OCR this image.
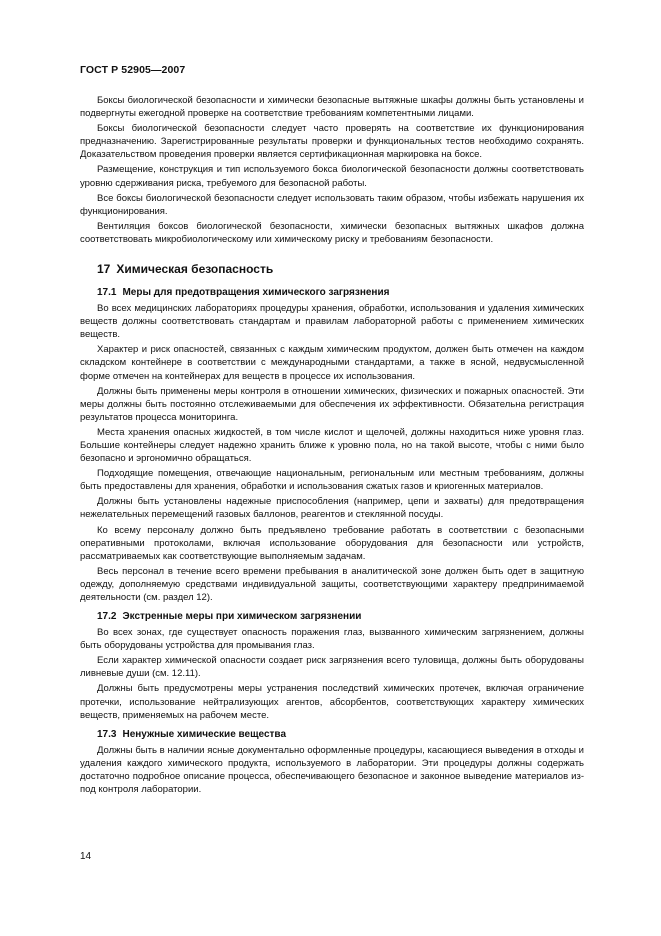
ГОСТ Р 52905—2007

Боксы биологической безопасности и химически безопасные вытяжные шкафы должны быть установлены и подвергнуты ежегодной проверке на соответствие требованиям компетентными лицами.

Боксы биологической безопасности следует часто проверять на соответствие их функционирования предназначению. Зарегистрированные результаты проверки и функциональных тестов необходимо сохранять. Доказательством проведения проверки является сертификационная маркировка на боксе.

Размещение, конструкция и тип используемого бокса биологической безопасности должны соответствовать уровню сдерживания риска, требуемого для безопасной работы.

Все боксы биологической безопасности следует использовать таким образом, чтобы избежать нарушения их функционирования.

Вентиляция боксов биологической безопасности, химически безопасных вытяжных шкафов должна соответствовать микробиологическому или химическому риску и требованиям безопасности.

17 Химическая безопасность
17.1 Меры для предотвращения химического загрязнения

Во всех медицинских лабораториях процедуры хранения, обработки, использования и удаления химических веществ должны соответствовать стандартам и правилам лабораторной работы с применением химических веществ.

Характер и риск опасностей, связанных с каждым химическим продуктом, должен быть отмечен на каждом складском контейнере в соответствии с международными стандартами, а также в ясной, недвусмысленной форме отмечен на контейнерах для веществ в процессе их использования.

Должны быть применены меры контроля в отношении химических, физических и пожарных опасностей. Эти меры должны быть постоянно отслеживаемыми для обеспечения их эффективности. Обязательна регистрация результатов процесса мониторинга.

Места хранения опасных жидкостей, в том числе кислот и щелочей, должны находиться ниже уровня глаз. Большие контейнеры следует надежно хранить ближе к уровню пола, но на такой высоте, чтобы с ними было безопасно и эргономично обращаться.

Подходящие помещения, отвечающие национальным, региональным или местным требованиям, должны быть предоставлены для хранения, обработки и использования сжатых газов и криогенных материалов.

Должны быть установлены надежные приспособления (например, цепи и захваты) для предотвращения нежелательных перемещений газовых баллонов, реагентов и стеклянной посуды.

Ко всему персоналу должно быть предъявлено требование работать в соответствии с безопасными оперативными протоколами, включая использование оборудования для безопасности или устройств, рассматриваемых как соответствующие выполняемым задачам.

Весь персонал в течение всего времени пребывания в аналитической зоне должен быть одет в защитную одежду, дополняемую средствами индивидуальной защиты, соответствующими характеру предпринимаемой деятельности (см. раздел 12).

17.2 Экстренные меры при химическом загрязнении

Во всех зонах, где существует опасность поражения глаз, вызванного химическим загрязнением, должны быть оборудованы устройства для промывания глаз.

Если характер химической опасности создает риск загрязнения всего туловища, должны быть оборудованы ливневые души (см. 12.11).

Должны быть предусмотрены меры устранения последствий химических протечек, включая ограничение протечки, использование нейтрализующих агентов, абсорбентов, соответствующих характеру химических веществ, применяемых на рабочем месте.

17.3 Ненужные химические вещества

Должны быть в наличии ясные документально оформленные процедуры, касающиеся выведения в отходы и удаления каждого химического продукта, используемого в лаборатории. Эти процедуры должны содержать достаточно подробное описание процесса, обеспечивающего безопасное и законное выведение материалов из-под контроля лаборатории.

14
